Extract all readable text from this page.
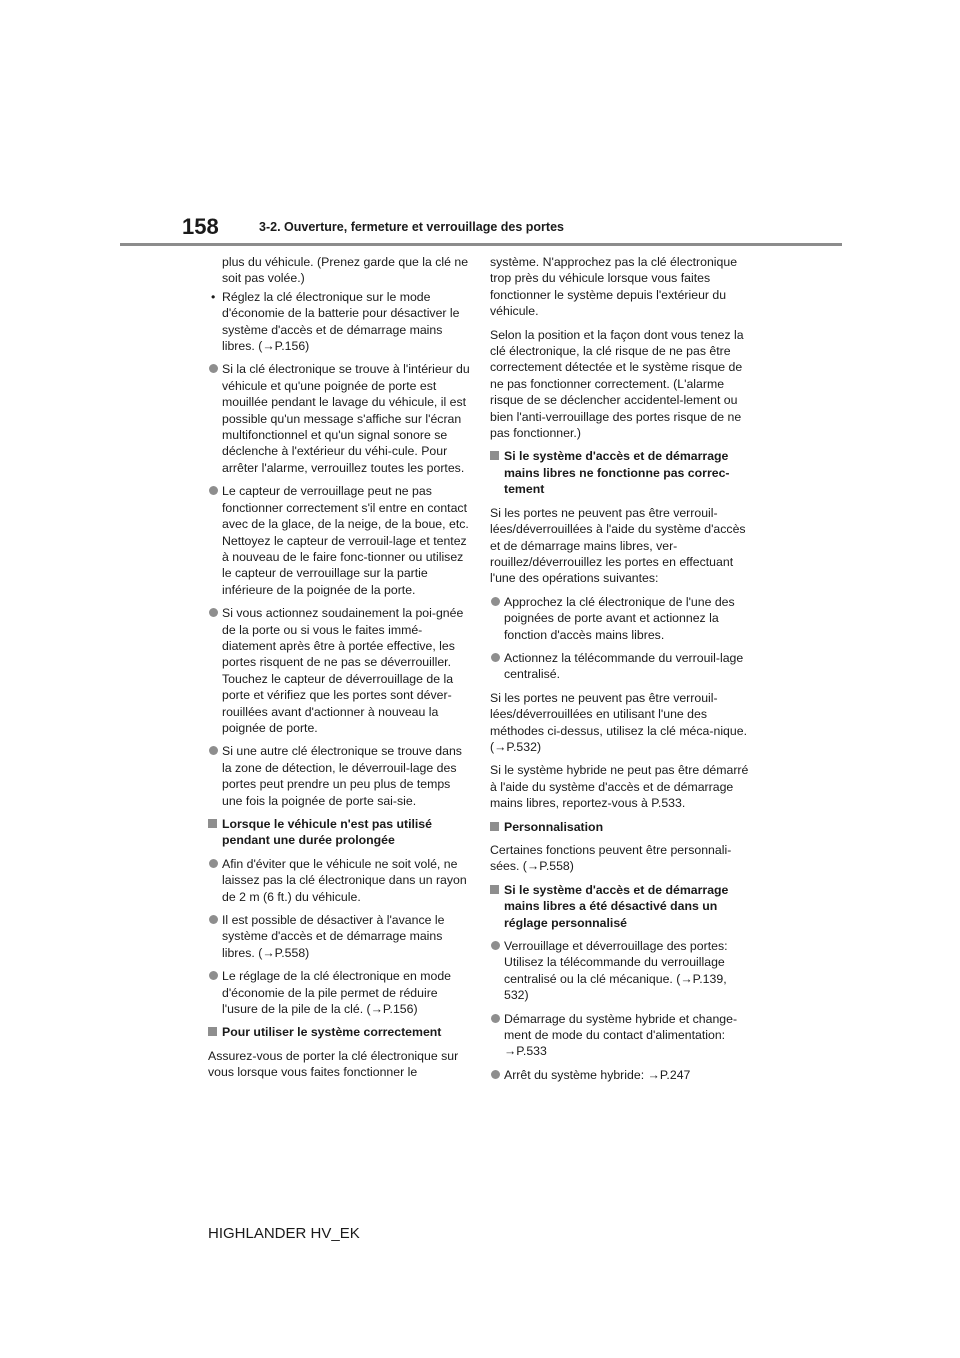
158	3-2. Ouverture, fermeture et verrouillage des portes

plus du véhicule. (Prenez garde que la clé ne soit pas volée.)

• Réglez la clé électronique sur le mode d'économie de la batterie pour désactiver le système d'accès et de démarrage mains libres. (→P.156)
Si la clé électronique se trouve à l'intérieur du véhicule et qu'une poignée de porte est mouillée pendant le lavage du véhicule, il est possible qu'un message s'affiche sur l'écran multifonctionnel et qu'un signal sonore se déclenche à l'extérieur du véhi-cule. Pour arrêter l'alarme, verrouillez toutes les portes.
Le capteur de verrouillage peut ne pas fonctionner correctement s'il entre en contact avec de la glace, de la neige, de la boue, etc. Nettoyez le capteur de verrouil-lage et tentez à nouveau de le faire fonc-tionner ou utilisez le capteur de verrouillage sur la partie inférieure de la poignée de la porte.
Si vous actionnez soudainement la poi-gnée de la porte ou si vous le faites immé-diatement après être à portée effective, les portes risquent de ne pas se déverrouiller. Touchez le capteur de déverrouillage de la porte et vérifiez que les portes sont déver-rouillées avant d'actionner à nouveau la poignée de porte.
Si une autre clé électronique se trouve dans la zone de détection, le déverrouil-lage des portes peut prendre un peu plus de temps une fois la poignée de porte sai-sie.
Lorsque le véhicule n'est pas utilisé pendant une durée prolongée
Afin d'éviter que le véhicule ne soit volé, ne laissez pas la clé électronique dans un rayon de 2 m (6 ft.) du véhicule.
Il est possible de désactiver à l'avance le système d'accès et de démarrage mains libres. (→P.558)
Le réglage de la clé électronique en mode d'économie de la pile permet de réduire l'usure de la pile de la clé. (→P.156)
Pour utiliser le système correctement

Assurez-vous de porter la clé électronique sur vous lorsque vous faites fonctionner le

système. N'approchez pas la clé électronique trop près du véhicule lorsque vous faites fonctionner le système depuis l'extérieur du véhicule.

Selon la position et la façon dont vous tenez la clé électronique, la clé risque de ne pas être correctement détectée et le système risque de ne pas fonctionner correctement. (L'alarme risque de se déclencher accidentel-lement ou bien l'anti-verrouillage des portes risque de ne pas fonctionner.)

Si le système d'accès et de démarrage mains libres ne fonctionne pas correc-tement

Si les portes ne peuvent pas être verrouil-lées/déverrouillées à l'aide du système d'accès et de démarrage mains libres, ver-rouillez/déverrouillez les portes en effectuant l'une des opérations suivantes:

Approchez la clé électronique de l'une des poignées de porte avant et actionnez la fonction d'accès mains libres.
Actionnez la télécommande du verrouil-lage centralisé.

Si les portes ne peuvent pas être verrouil-lées/déverrouillées en utilisant l'une des méthodes ci-dessus, utilisez la clé méca-nique. (→P.532)

Si le système hybride ne peut pas être démarré à l'aide du système d'accès et de démarrage mains libres, reportez-vous à P.533.

Personnalisation

Certaines fonctions peuvent être personnali-sées. (→P.558)

Si le système d'accès et de démarrage mains libres a été désactivé dans un réglage personnalisé
Verrouillage et déverrouillage des portes: Utilisez la télécommande du verrouillage centralisé ou la clé mécanique. (→P.139, 532)
Démarrage du système hybride et change-ment de mode du contact d'alimentation: →P.533
Arrêt du système hybride: →P.247
HIGHLANDER HV_EK
